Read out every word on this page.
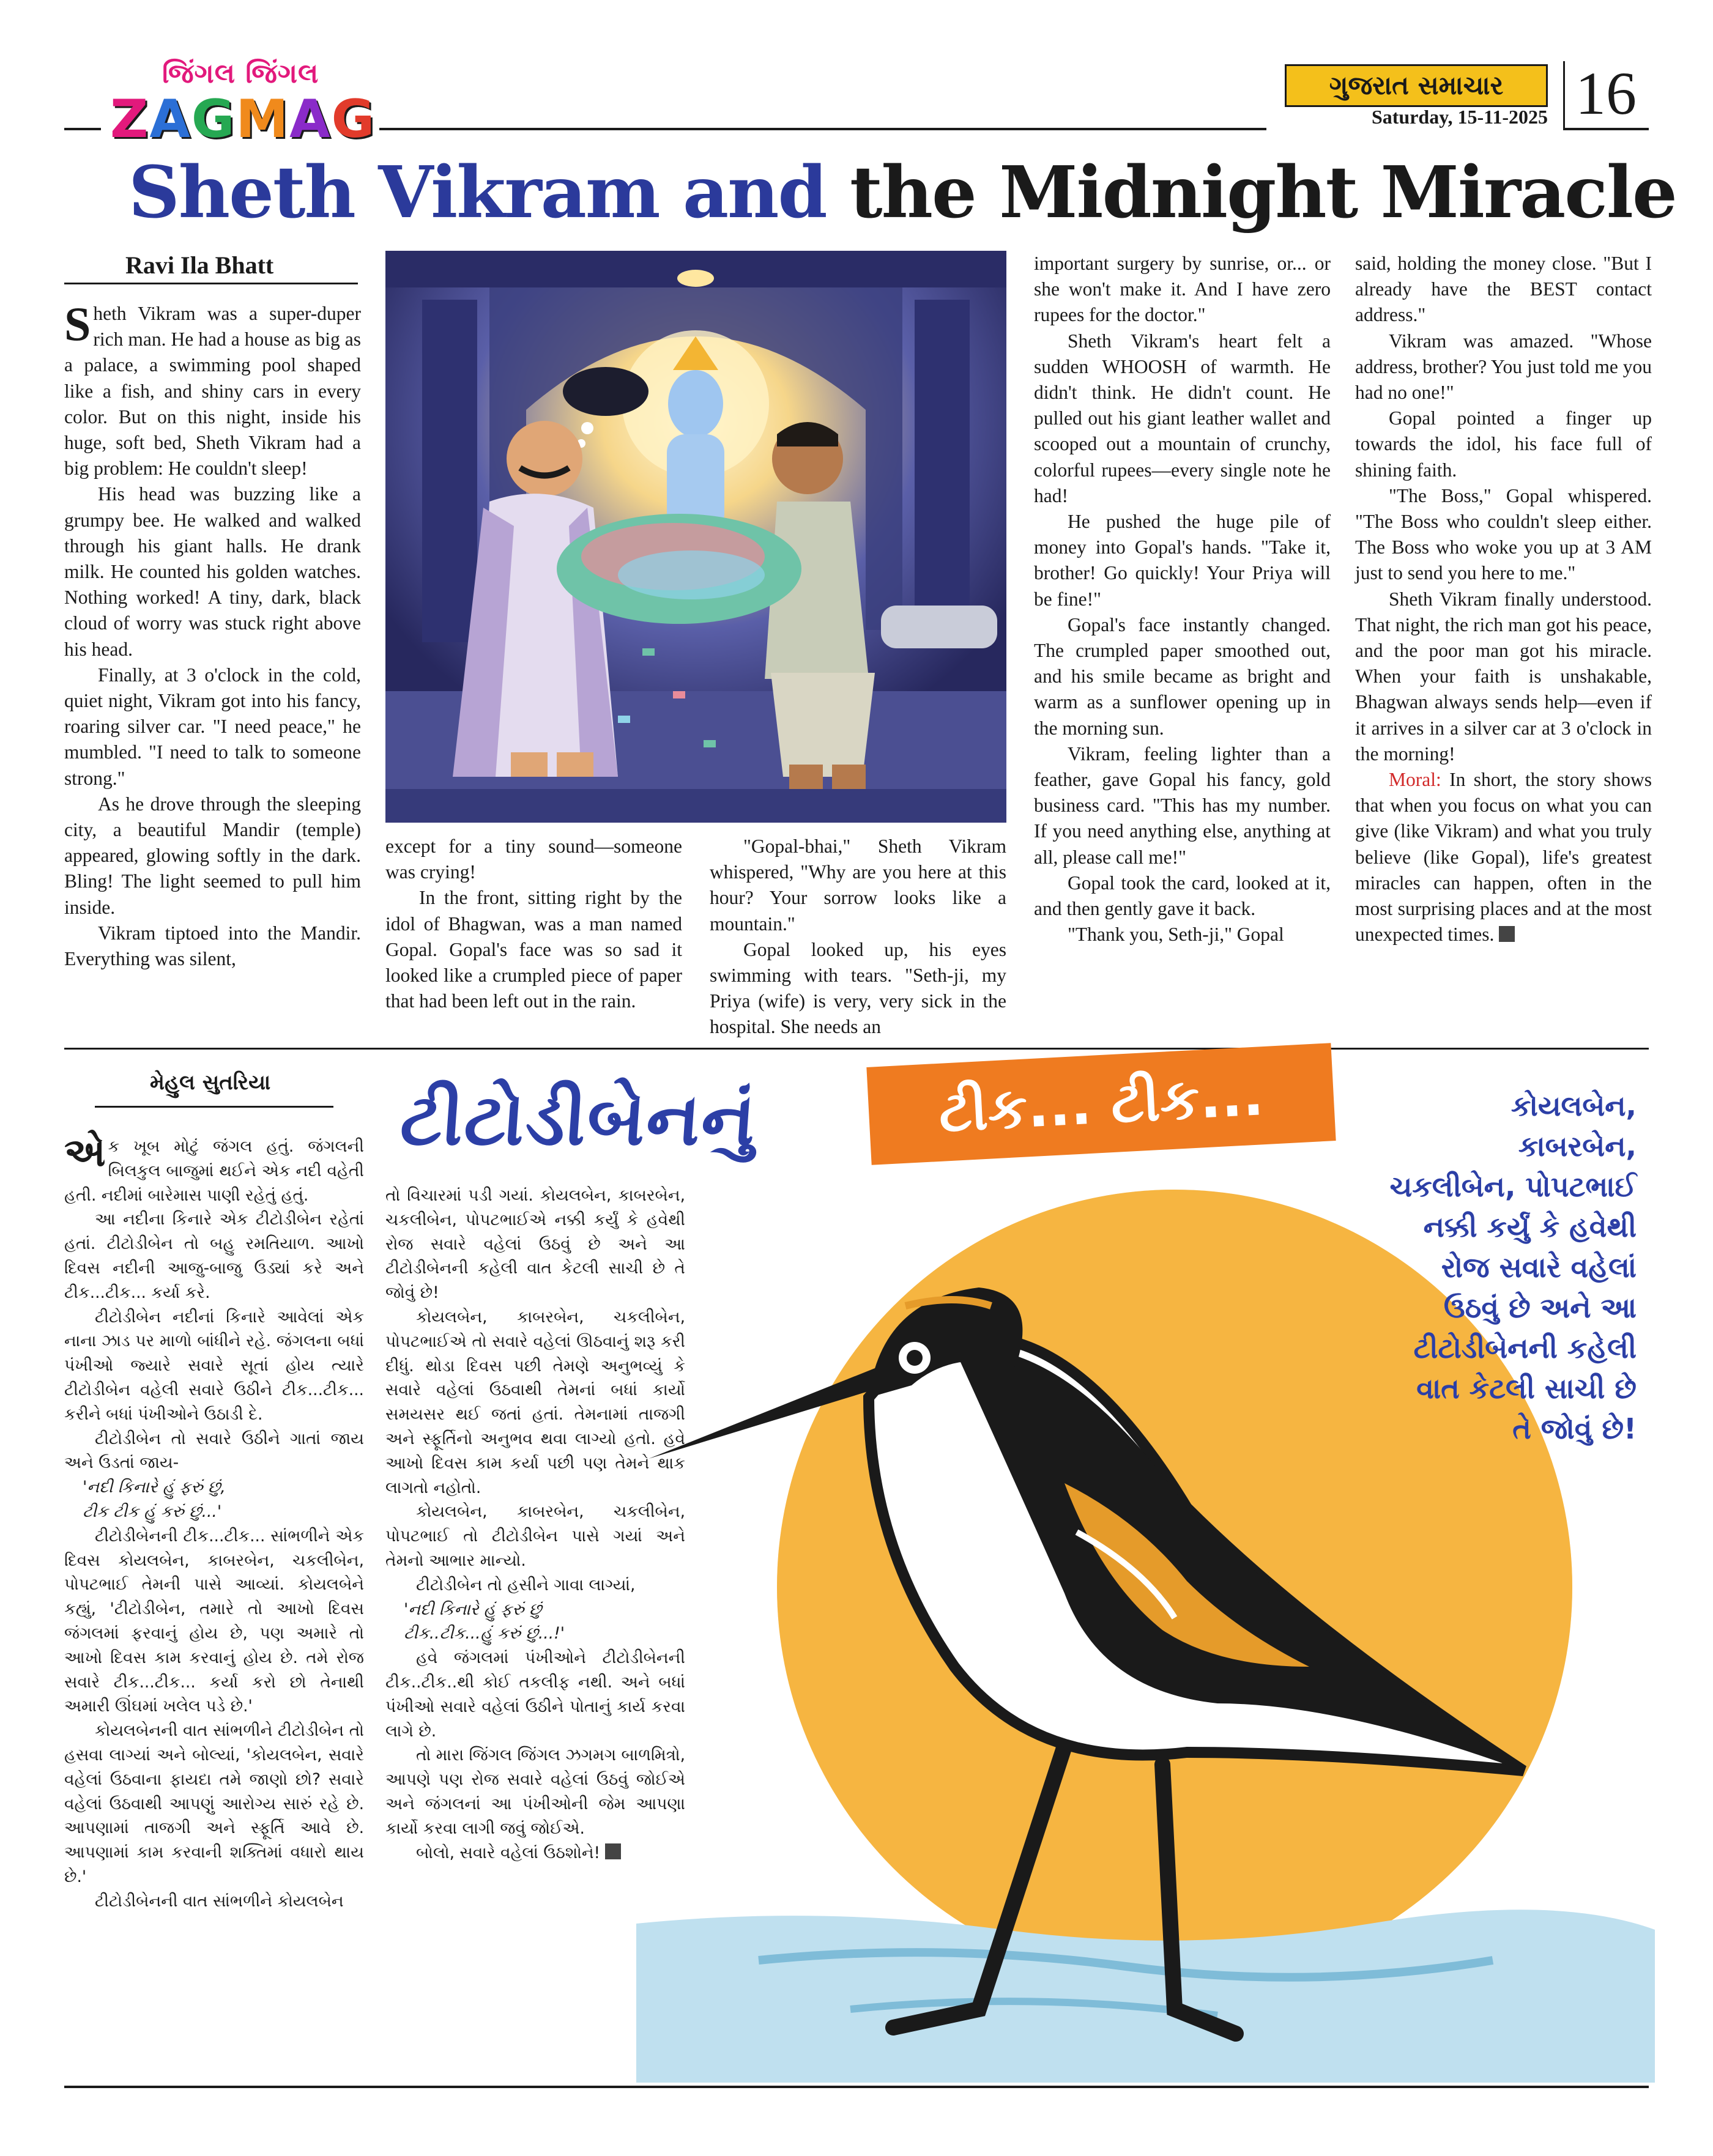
જિંગલ જિંગલ
ZAGMAG
ગુજરાત સમાચાર
Saturday, 15-11-2025 16
Sheth Vikram and the Midnight Miracle
Ravi Ila Bhatt

Sheth Vikram was a super-duper rich man. He had a house as big as a palace, a swimming pool shaped like a fish, and shiny cars in every color. But on this night, inside his huge, soft bed, Sheth Vikram had a big problem: He couldn't sleep!

His head was buzzing like a grumpy bee. He walked and walked through his giant halls. He drank milk. He counted his golden watches. Nothing worked! A tiny, dark, black cloud of worry was stuck right above his head.

Finally, at 3 o'clock in the cold, quiet night, Vikram got into his fancy, roaring silver car. "I need peace," he mumbled. "I need to talk to someone strong."

As he drove through the sleeping city, a beautiful Mandir (temple) appeared, glowing softly in the dark. Bling! The light seemed to pull him inside.

Vikram tiptoed into the Mandir. Everything was silent,

except for a tiny sound—someone was crying!

In the front, sitting right by the idol of Bhagwan, was a man named Gopal. Gopal's face was so sad it looked like a crumpled piece of paper that had been left out in the rain.

"Gopal-bhai," Sheth Vikram whispered, "Why are you here at this hour? Your sorrow looks like a mountain."

Gopal looked up, his eyes swimming with tears. "Seth-ji, my Priya (wife) is very, very sick in the hospital. She needs an

important surgery by sunrise, or... or she won't make it. And I have zero rupees for the doctor."

Sheth Vikram's heart felt a sudden WHOOSH of warmth. He didn't think. He didn't count. He pulled out his giant leather wallet and scooped out a mountain of crunchy, colorful rupees—every single note he had!

He pushed the huge pile of money into Gopal's hands. "Take it, brother! Go quickly! Your Priya will be fine!"

Gopal's face instantly changed. The crumpled paper smoothed out, and his smile became as bright and warm as a sunflower opening up in the morning sun.

Vikram, feeling lighter than a feather, gave Gopal his fancy, gold business card. "This has my number. If you need anything else, anything at all, please call me!"

Gopal took the card, looked at it, and then gently gave it back.

"Thank you, Seth-ji," Gopal

said, holding the money close. "But I already have the BEST contact address."

Vikram was amazed. "Whose address, brother? You just told me you had no one!"

Gopal pointed a finger up towards the idol, his face full of shining faith.

"The Boss," Gopal whispered. "The Boss who couldn't sleep either. The Boss who woke you up at 3 AM just to send you here to me."

Sheth Vikram finally understood. That night, the rich man got his peace, and the poor man got his miracle. When your faith is unshakable, Bhagwan always sends help—even if it arrives in a silver car at 3 o'clock in the morning!

Moral: In short, the story shows that when you focus on what you can give (like Vikram) and what you truly believe (like Gopal), life's greatest miracles can happen, often in the most surprising places and at the most unexpected times.

મેહુલ સુતરિયા ટીટોડીબેનનું	ટીક... ટીક...	કોયલબેન,
કાબરબેન,
ચકલીબેન, પોપટભાઈ
નક્કી કર્યું કે હવેથી
રોજ સવારે વહેલાં
ઉઠવું છે અને આ
ટીટોડીબેનની કહેલી
વાત કેટલી સાચી છે
તે જોવું છે!

એક ખૂબ મોટું જંગલ હતું. જંગલની બિલકુલ બાજુમાં થઈને એક નદી વહેતી હતી. નદીમાં બારેમાસ પાણી રહેતું હતું.

આ નદીના કિનારે એક ટીટોડીબેન રહેતાં હતાં. ટીટોડીબેન તો બહુ રમતિયાળ. આખો દિવસ નદીની આજુ-બાજુ ઉડ્યાં કરે અને ટીક...ટીક... કર્યા કરે.

ટીટોડીબેન નદીનાં કિનારે આવેલાં એક નાના ઝાડ પર માળો બાંધીને રહે. જંગલના બધાં પંખીઓ જ્યારે સવારે સૂતાં હોય ત્યારે ટીટોડીબેન વહેલી સવારે ઉઠીને ટીક...ટીક... કરીને બધાં પંખીઓને ઉઠાડી દે.

ટીટોડીબેન તો સવારે ઉઠીને ગાતાં જાય અને ઉડતાં જાય-

'નદી કિનારે હું ફરું છું,

ટીક ટીક હું કરું છું...'

ટીટોડીબેનની ટીક...ટીક... સાંભળીને એક દિવસ કોયલબેન, કાબરબેન, ચકલીબેન, પોપટભાઈ તેમની પાસે આવ્યાં. કોયલબેને કહ્યું, 'ટીટોડીબેન, તમારે તો આખો દિવસ જંગલમાં ફરવાનું હોય છે, પણ અમારે તો આખો દિવસ કામ કરવાનું હોય છે. તમે રોજ સવારે ટીક...ટીક... કર્યા કરો છો તેનાથી અમારી ઊંઘમાં ખલેલ પડે છે.'

કોયલબેનની વાત સાંભળીને ટીટોડીબેન તો હસવા લાગ્યાં અને બોલ્યાં, 'કોયલબેન, સવારે વહેલાં ઉઠવાના ફાયદા તમે જાણો છો? સવારે વહેલાં ઉઠવાથી આપણું આરોગ્ય સારું રહે છે. આપણામાં તાજગી અને સ્ફૂર્તિ આવે છે. આપણામાં કામ કરવાની શક્તિમાં વધારો થાય છે.'

ટીટોડીબેનની વાત સાંભળીને કોયલબેન

તો વિચારમાં પડી ગયાં. કોયલબેન, કાબરબેન, ચકલીબેન, પોપટભાઈએ નક્કી કર્યું કે હવેથી રોજ સવારે વહેલાં ઉઠવું છે અને આ ટીટોડીબેનની કહેલી વાત કેટલી સાચી છે તે જોવું છે!

કોયલબેન, કાબરબેન, ચકલીબેન, પોપટભાઈએ તો સવારે વહેલાં ઊઠવાનું શરૂ કરી દીધું. થોડા દિવસ પછી તેમણે અનુભવ્યું કે સવારે વહેલાં ઉઠવાથી તેમનાં બધાં કાર્યો સમયસર થઈ જતાં હતાં. તેમનામાં તાજગી અને સ્ફૂર્તિનો અનુભવ થવા લાગ્યો હતો. હવે આખો દિવસ કામ કર્યા પછી પણ તેમને થાક લાગતો નહોતો.

કોયલબેન, કાબરબેન, ચકલીબેન, પોપટભાઈ તો ટીટોડીબેન પાસે ગયાં અને તેમનો આભાર માન્યો.

ટીટોડીબેન તો હસીને ગાવા લાગ્યાં,

'નદી કિનારે હું ફરું છું

ટીક..ટીક...હું કરું છું...!'

હવે જંગલમાં પંખીઓને ટીટોડીબેનની ટીક..ટીક..થી કોઈ તકલીફ નથી. અને બધાં પંખીઓ સવારે વહેલાં ઉઠીને પોતાનું કાર્ય કરવા લાગે છે.

તો મારા જિંગલ જિંગલ ઝગમગ બાળમિત્રો, આપણે પણ રોજ સવારે વહેલાં ઉઠવું જોઈએ અને જંગલનાં આ પંખીઓની જેમ આપણા કાર્યો કરવા લાગી જવું જોઈએ.

બોલો, સવારે વહેલાં ઉઠશોને!
